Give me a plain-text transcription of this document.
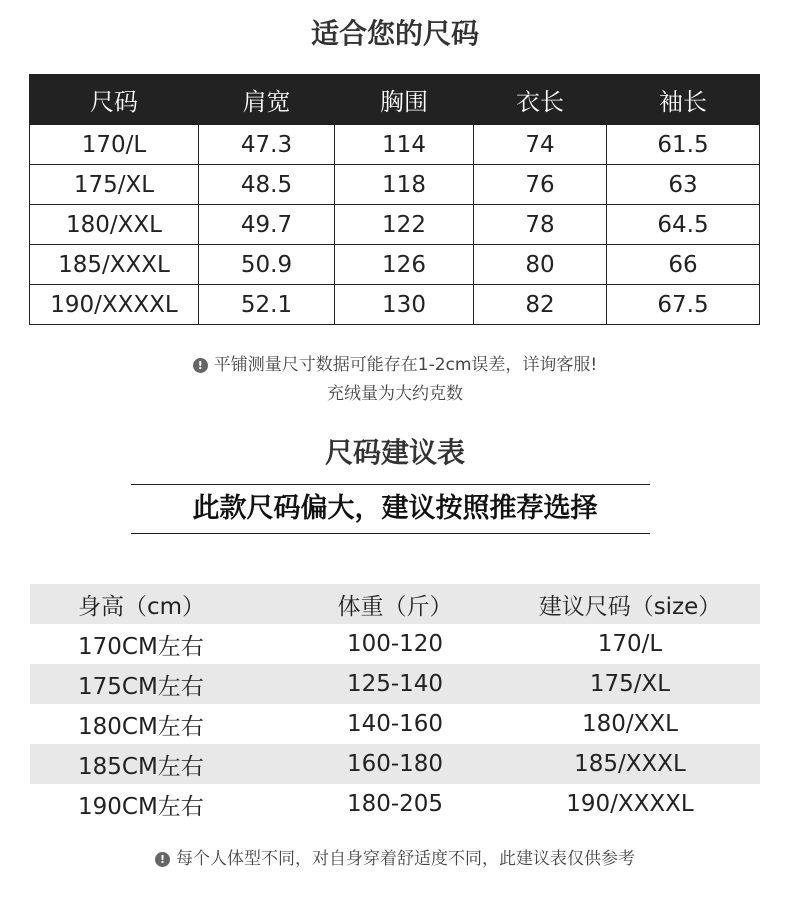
适合您的尺码
尺码	肩宽	胸围	衣长	袖长
170/L	47.3	114	74	61.5
175/XL	48.5	118	76	63
180/XXL	49.7	122	78	64.5
185/XXXL	50.9	126	80	66
190/XXXXL	52.1	130	82	67.5
! 平铺测量尺寸数据可能存在1-2cm误差，详询客服!
充绒量为大约克数
尺码建议表
此款尺码偏大，建议按照推荐选择
身高（cm）	体重（斤）	建议尺码（size）
170CM左右	100-120	170/L
175CM左右	125-140	175/XL
180CM左右	140-160	180/XXL
185CM左右	160-180	185/XXXL
190CM左右	180-205	190/XXXXL
! 每个人体型不同，对自身穿着舒适度不同，此建议表仅供参考
